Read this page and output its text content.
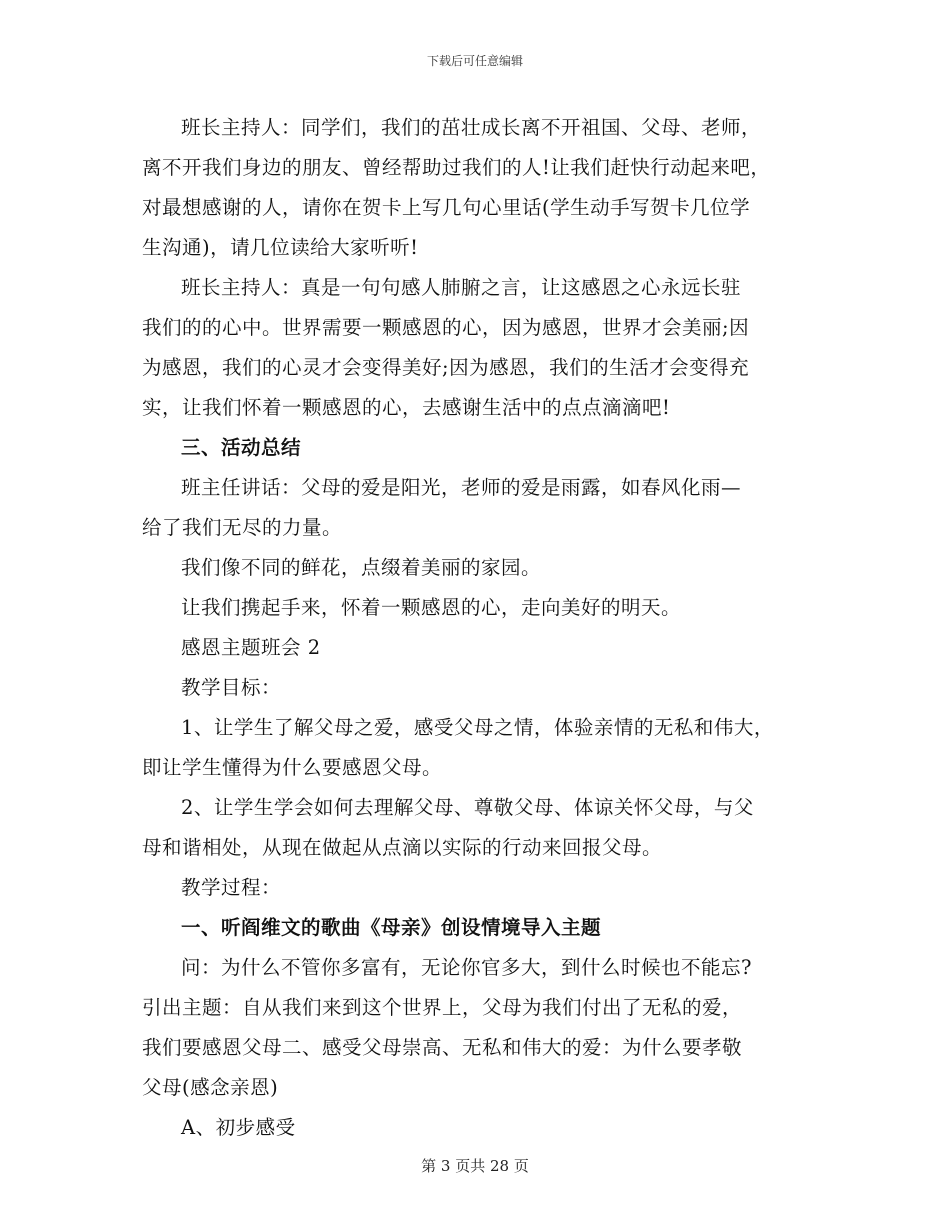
下载后可任意编辑
班长主持人：同学们，我们的茁壮成长离不开祖国、父母、老师，
离不开我们身边的朋友、曾经帮助过我们的人!让我们赶快行动起来吧，
对最想感谢的人，请你在贺卡上写几句心里话(学生动手写贺卡几位学
生沟通)，请几位读给大家听听!
班长主持人：真是一句句感人肺腑之言，让这感恩之心永远长驻
我们的的心中。世界需要一颗感恩的心，因为感恩，世界才会美丽;因
为感恩，我们的心灵才会变得美好;因为感恩，我们的生活才会变得充
实，让我们怀着一颗感恩的心，去感谢生活中的点点滴滴吧!
三、活动总结
班主任讲话：父母的爱是阳光，老师的爱是雨露，如春风化雨—
给了我们无尽的力量。
我们像不同的鲜花，点缀着美丽的家园。
让我们携起手来，怀着一颗感恩的心，走向美好的明天。
感恩主题班会 2
教学目标：
1、让学生了解父母之爱，感受父母之情，体验亲情的无私和伟大，
即让学生懂得为什么要感恩父母。
2、让学生学会如何去理解父母、尊敬父母、体谅关怀父母，与父
母和谐相处，从现在做起从点滴以实际的行动来回报父母。
教学过程：
一、听阎维文的歌曲《母亲》创设情境导入主题
问：为什么不管你多富有，无论你官多大，到什么时候也不能忘?
引出主题：自从我们来到这个世界上，父母为我们付出了无私的爱，
我们要感恩父母二、感受父母崇高、无私和伟大的爱：为什么要孝敬
父母(感念亲恩)
A、初步感受
第 3 页共 28 页
